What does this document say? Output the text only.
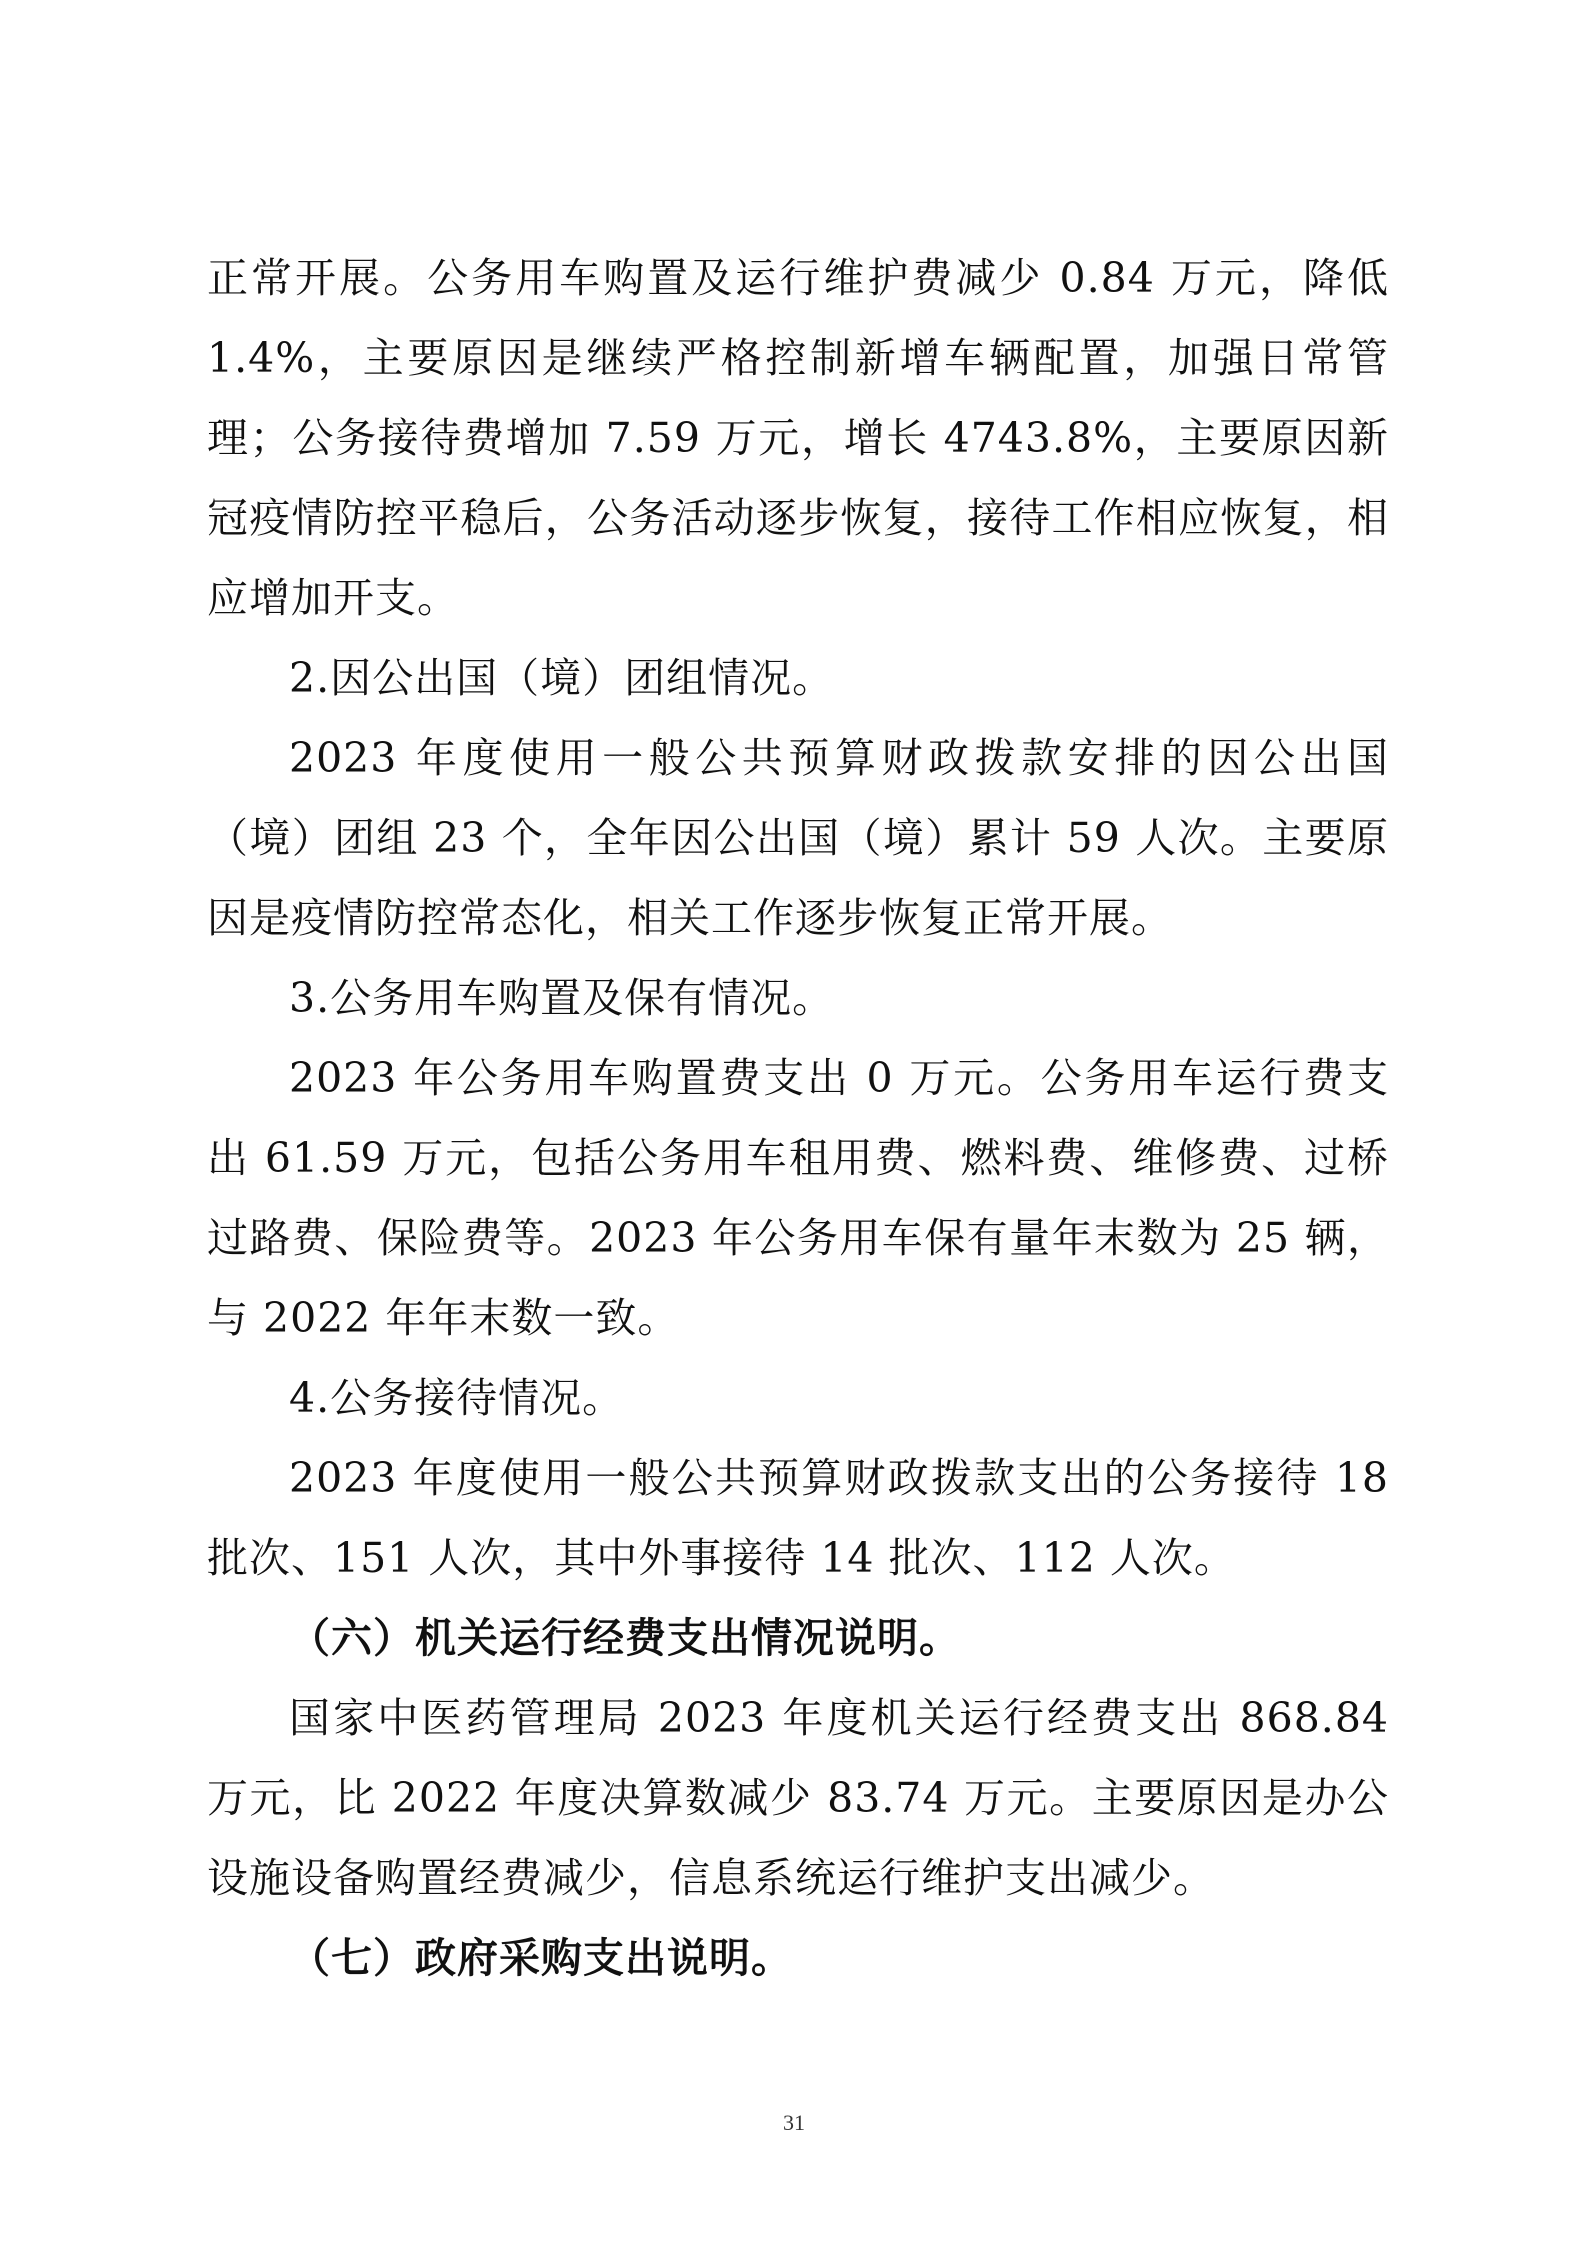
正常开展。公务用车购置及运行维护费减少 0.84 万元，降低 1.4%，主要原因是继续严格控制新增车辆配置，加强日常管理；公务接待费增加 7.59 万元，增长 4743.8%，主要原因新冠疫情防控平稳后，公务活动逐步恢复，接待工作相应恢复，相应增加开支。

2.因公出国（境）团组情况。

2023 年度使用一般公共预算财政拨款安排的因公出国（境）团组 23 个，全年因公出国（境）累计 59 人次。主要原因是疫情防控常态化，相关工作逐步恢复正常开展。

3.公务用车购置及保有情况。

2023 年公务用车购置费支出 0 万元。公务用车运行费支出 61.59 万元，包括公务用车租用费、燃料费、维修费、过桥过路费、保险费等。2023 年公务用车保有量年末数为 25 辆，与 2022 年年末数一致。

4.公务接待情况。

2023 年度使用一般公共预算财政拨款支出的公务接待 18 批次、151 人次，其中外事接待 14 批次、112 人次。

（六）机关运行经费支出情况说明。

国家中医药管理局 2023 年度机关运行经费支出 868.84 万元，比 2022 年度决算数减少 83.74 万元。主要原因是办公设施设备购置经费减少，信息系统运行维护支出减少。

（七）政府采购支出说明。

31
